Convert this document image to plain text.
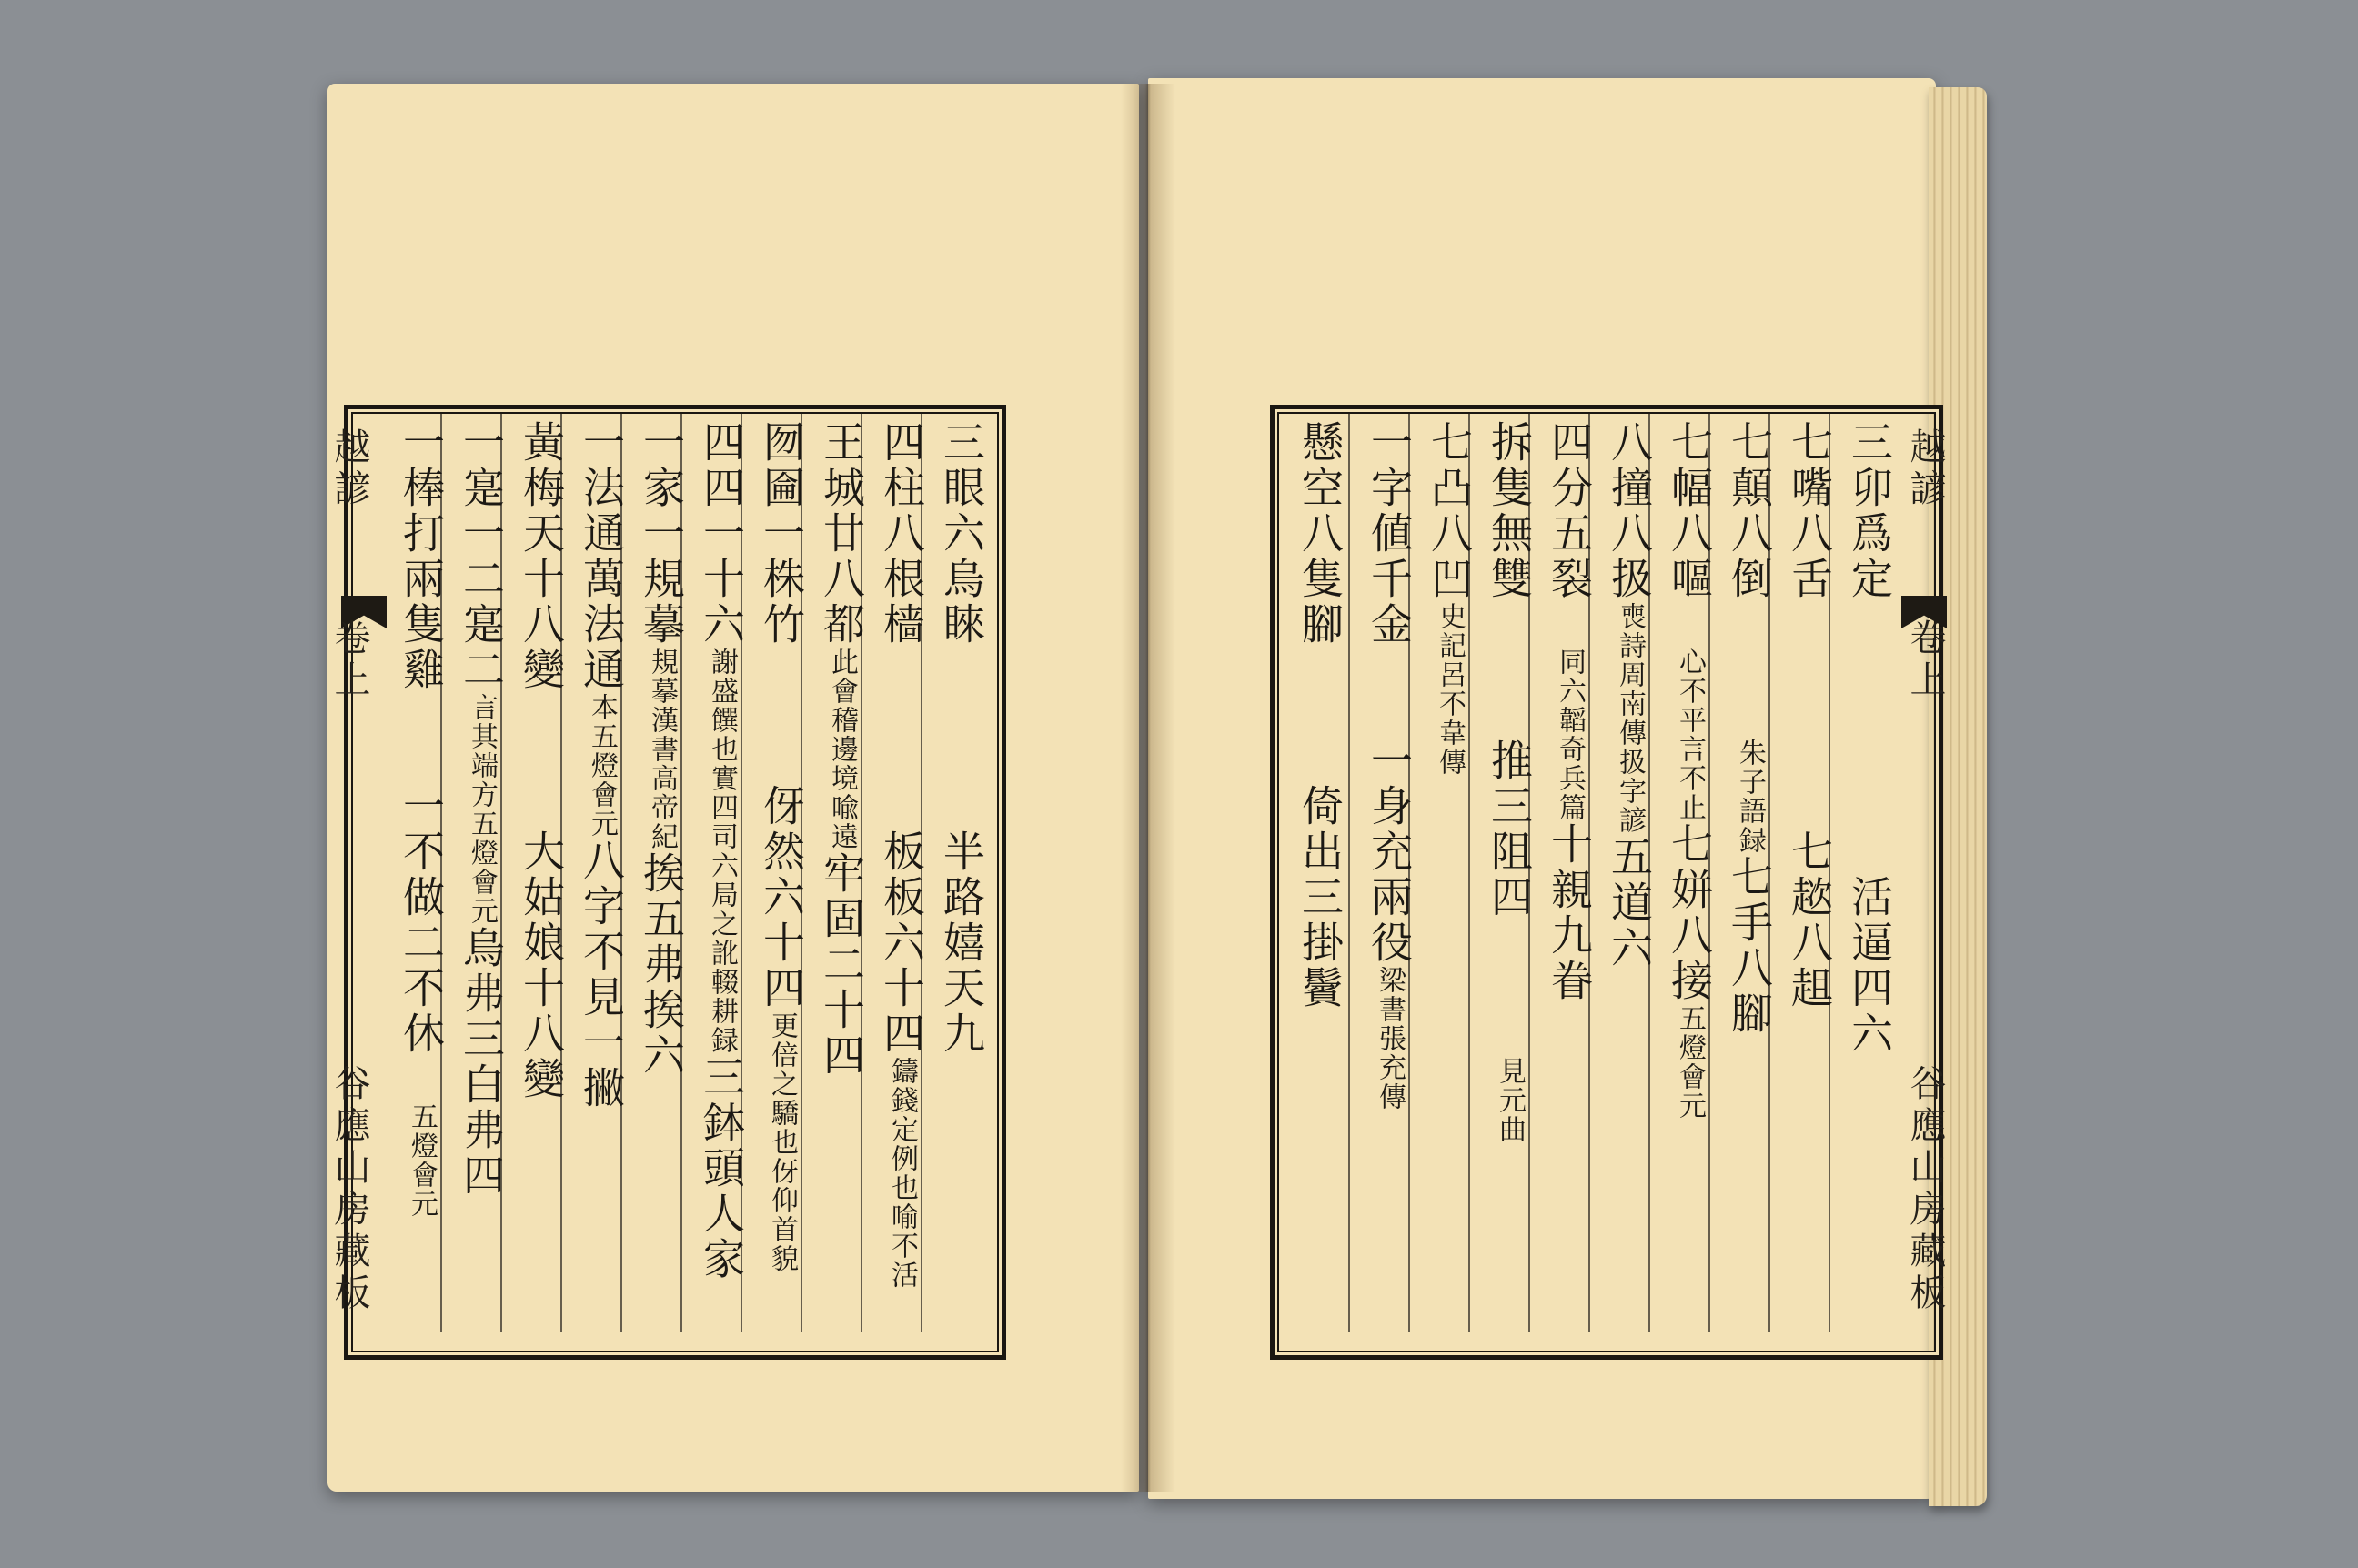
越諺
卷上
谷應山房藏板
三眼六烏睞　　　　半路嬉天九
四柱八根樯　　　　板板六十四鑄錢定例也喻不活
王城廿八都此會稽邊境喩遠牢固二十四
囫圇一株竹　　　伢然六十四更倍之驕也伢仰首貌
四四一十六謝盛饌也實四司六局之訛輟耕録三鉢頭人家
一家一規摹規摹漢書高帝紀挨五弗挨六
一法通萬法通本五燈會元八字不見一撇
黃梅天十八變　　　大姑娘十八變
一寔一二寔二言其端方五燈會元烏弗三白弗四
一棒打兩隻雞　　一不做二不休　五燈會元
越諺
卷上
谷應山房藏板
三卯爲定　　　　　　活逼四六
七嘴八舌　　　　　七趑八趄
七顛八倒　　　朱子語録七手八腳
七幅八嘔　心不平言不止七姘八接五燈會元
八撞八扱喪詩周南傳扱字諺五道六
四分五裂　同六韜奇兵篇十親九眷
拆隻無雙　　　推三阻四　　　見元曲
七凸八凹史記呂不韋傳
一字値千金　　一身充兩役梁書張充傳
懸空八隻腳　　　倚出三掛鬢
